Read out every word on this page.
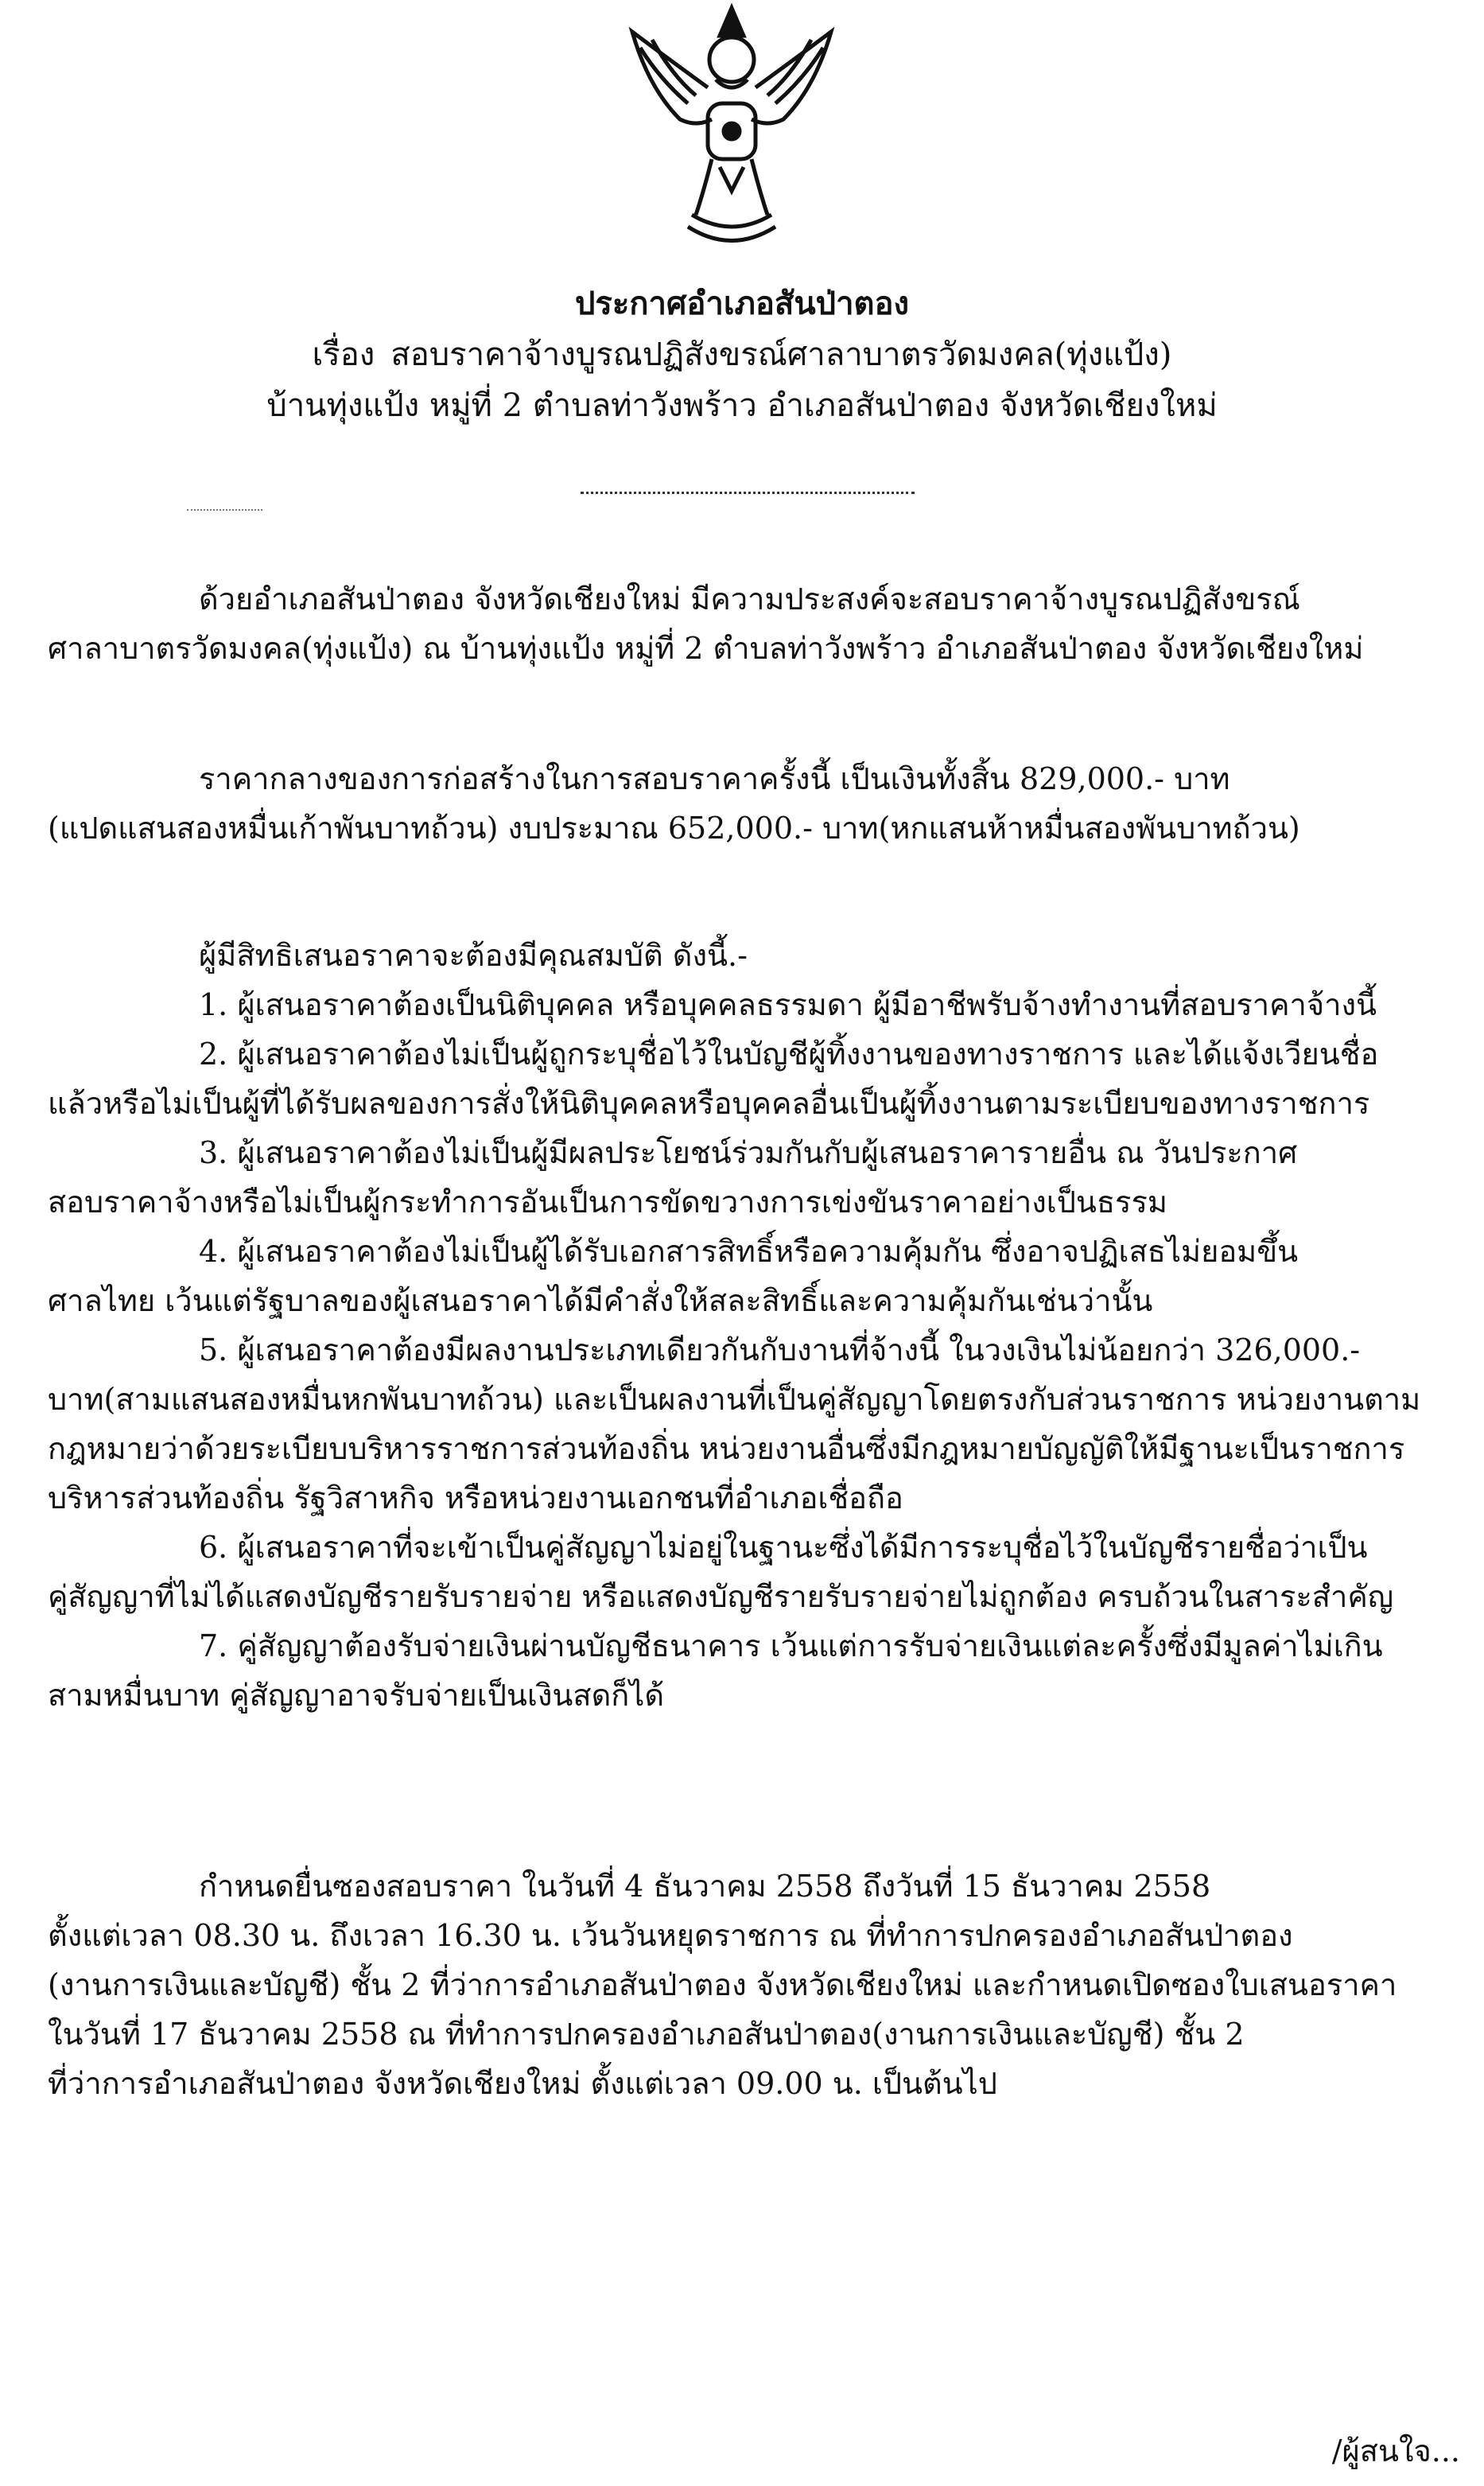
ประกาศอำเภอสันป่าตอง
เรื่อง สอบราคาจ้างบูรณปฏิสังขรณ์ศาลาบาตรวัดมงคล(ทุ่งแป้ง)
บ้านทุ่งแป้ง หมู่ที่ 2 ตำบลท่าวังพร้าว อำเภอสันป่าตอง จังหวัดเชียงใหม่

ด้วยอำเภอสันป่าตอง จังหวัดเชียงใหม่ มีความประสงค์จะสอบราคาจ้างบูรณปฏิสังขรณ์

ศาลาบาตรวัดมงคล(ทุ่งแป้ง) ณ บ้านทุ่งแป้ง หมู่ที่ 2 ตำบลท่าวังพร้าว อำเภอสันป่าตอง จังหวัดเชียงใหม่

ราคากลางของการก่อสร้างในการสอบราคาครั้งนี้ เป็นเงินทั้งสิ้น 829,000.- บาท

(แปดแสนสองหมื่นเก้าพันบาทถ้วน) งบประมาณ 652,000.- บาท(หกแสนห้าหมื่นสองพันบาทถ้วน)

ผู้มีสิทธิเสนอราคาจะต้องมีคุณสมบัติ ดังนี้.-

1. ผู้เสนอราคาต้องเป็นนิติบุคคล หรือบุคคลธรรมดา ผู้มีอาชีพรับจ้างทำงานที่สอบราคาจ้างนี้

2. ผู้เสนอราคาต้องไม่เป็นผู้ถูกระบุชื่อไว้ในบัญชีผู้ทิ้งงานของทางราชการ และได้แจ้งเวียนชื่อ

แล้วหรือไม่เป็นผู้ที่ได้รับผลของการสั่งให้นิติบุคคลหรือบุคคลอื่นเป็นผู้ทิ้งงานตามระเบียบของทางราชการ

3. ผู้เสนอราคาต้องไม่เป็นผู้มีผลประโยชน์ร่วมกันกับผู้เสนอราคารายอื่น ณ วันประกาศ

สอบราคาจ้างหรือไม่เป็นผู้กระทำการอันเป็นการขัดขวางการเข่งขันราคาอย่างเป็นธรรม

4. ผู้เสนอราคาต้องไม่เป็นผู้ได้รับเอกสารสิทธิ์หรือความคุ้มกัน ซึ่งอาจปฏิเสธไม่ยอมขึ้น

ศาลไทย เว้นแต่รัฐบาลของผู้เสนอราคาได้มีคำสั่งให้สละสิทธิ์และความคุ้มกันเช่นว่านั้น

5. ผู้เสนอราคาต้องมีผลงานประเภทเดียวกันกับงานที่จ้างนี้ ในวงเงินไม่น้อยกว่า 326,000.-

บาท(สามแสนสองหมื่นหกพันบาทถ้วน) และเป็นผลงานที่เป็นคู่สัญญาโดยตรงกับส่วนราชการ หน่วยงานตาม

กฎหมายว่าด้วยระเบียบบริหารราชการส่วนท้องถิ่น หน่วยงานอื่นซึ่งมีกฎหมายบัญญัติให้มีฐานะเป็นราชการ

บริหารส่วนท้องถิ่น รัฐวิสาหกิจ หรือหน่วยงานเอกชนที่อำเภอเชื่อถือ

6. ผู้เสนอราคาที่จะเข้าเป็นคู่สัญญาไม่อยู่ในฐานะซึ่งได้มีการระบุชื่อไว้ในบัญชีรายชื่อว่าเป็น

คู่สัญญาที่ไม่ได้แสดงบัญชีรายรับรายจ่าย หรือแสดงบัญชีรายรับรายจ่ายไม่ถูกต้อง ครบถ้วนในสาระสำคัญ

7. คู่สัญญาต้องรับจ่ายเงินผ่านบัญชีธนาคาร เว้นแต่การรับจ่ายเงินแต่ละครั้งซึ่งมีมูลค่าไม่เกิน

สามหมื่นบาท คู่สัญญาอาจรับจ่ายเป็นเงินสดก็ได้

กำหนดยื่นซองสอบราคา ในวันที่ 4 ธันวาคม 2558 ถึงวันที่ 15 ธันวาคม 2558

ตั้งแต่เวลา 08.30 น. ถึงเวลา 16.30 น. เว้นวันหยุดราชการ ณ ที่ทำการปกครองอำเภอสันป่าตอง

(งานการเงินและบัญชี) ชั้น 2 ที่ว่าการอำเภอสันป่าตอง จังหวัดเชียงใหม่ และกำหนดเปิดซองใบเสนอราคา

ในวันที่ 17 ธันวาคม 2558 ณ ที่ทำการปกครองอำเภอสันป่าตอง(งานการเงินและบัญชี) ชั้น 2

ที่ว่าการอำเภอสันป่าตอง จังหวัดเชียงใหม่ ตั้งแต่เวลา 09.00 น. เป็นต้นไป

/ผู้สนใจ...
